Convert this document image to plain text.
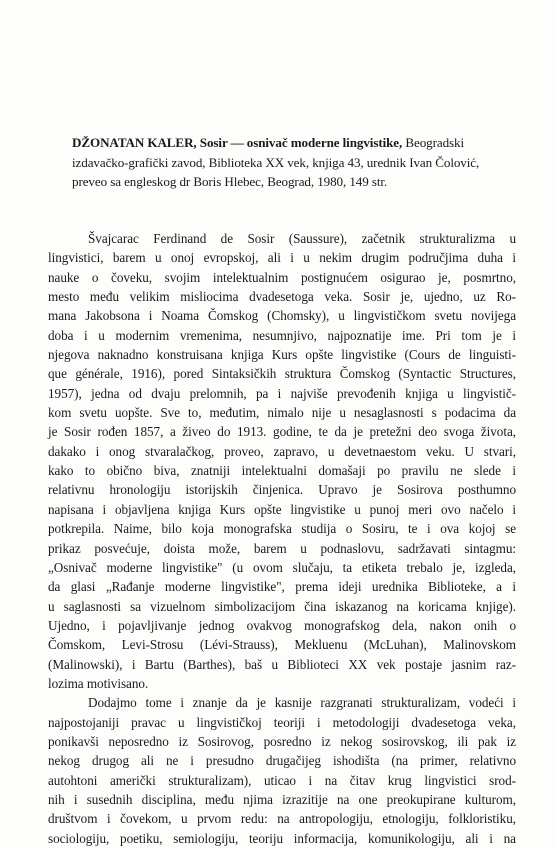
DŽONATAN KALER, Sosir — osnivač moderne lingvistike, Beogradski
izdavačko-grafički zavod, Biblioteka XX vek, knjiga 43, urednik Ivan Čolović,
preveo sa engleskog dr Boris Hlebec, Beograd, 1980, 149 str.
Švajcarac Ferdinand de Sosir (Saussure), začetnik strukturalizma u
lingvistici, barem u onoj evropskoj, ali i u nekim drugim područjima duha i
nauke o čoveku, svojim intelektualnim postignućem osigurao je, posmrtno,
mesto među velikim misliocima dvadesetoga veka. Sosir je, ujedno, uz Ro-
mana Jakobsona i Noama Čomskog (Chomsky), u lingvističkom svetu novijega
doba i u modernim vremenima, nesumnjivo, najpoznatije ime. Pri tom je i
njegova naknadno konstruisana knjiga Kurs opšte lingvistike (Cours de linguisti-
que générale, 1916), pored Sintaksičkih struktura Čomskog (Syntactic Structures,
1957), jedna od dvaju prelomnih, pa i najviše prevođenih knjiga u lingvistič-
kom svetu uopšte. Sve to, međutim, nimalo nije u nesaglasnosti s podacima da
je Sosir rođen 1857, a živeo do 1913. godine, te da je pretežni deo svoga života,
dakako i onog stvaralačkog, proveo, zapravo, u devetnaestom veku. U stvari,
kako to obično biva, znatniji intelektualni domašaji po pravilu ne slede i
relativnu hronologiju istorijskih činjenica. Upravo je Sosirova posthumno
napisana i objavljena knjiga Kurs opšte lingvistike u punoj meri ovo načelo i
potkrepila. Naime, bilo koja monografska studija o Sosiru, te i ova kojoj se
prikaz posvećuje, doista može, barem u podnaslovu, sadržavati sintagmu:
„Osnivač moderne lingvistike" (u ovom slučaju, ta etiketa trebalo je, izgleda,
da glasi „Rađanje moderne lingvistike", prema ideji urednika Biblioteke, a i
u saglasnosti sa vizuelnom simbolizacijom čina iskazanog na koricama knjige).
Ujedno, i pojavljivanje jednog ovakvog monografskog dela, nakon onih o
Čomskom, Levi-Strosu (Lévi-Strauss), Mekluenu (McLuhan), Malinovskom
(Malinowski), i Bartu (Barthes), baš u Biblioteci XX vek postaje jasnim raz-
lozima motivisano.
Dodajmo tome i znanje da je kasnije razgranati strukturalizam, vodeći i
najpostojaniji pravac u lingvističkoj teoriji i metodologiji dvadesetoga veka,
ponikavši neposredno iz Sosirovog, posredno iz nekog sosirovskog, ili pak iz
nekog drugog ali ne i presudno drugačijeg ishodišta (na primer, relativno
autohtoni američki strukturalizam), uticao i na čitav krug lingvistici srod-
nih i susednih disciplina, među njima izrazitije na one preokupirane kulturom,
društvom i čovekom, u prvom redu: na antropologiju, etnologiju, folkloristiku,
sociologiju, poetiku, semiologiju, teoriju informacija, komunikologiju, ali i na
